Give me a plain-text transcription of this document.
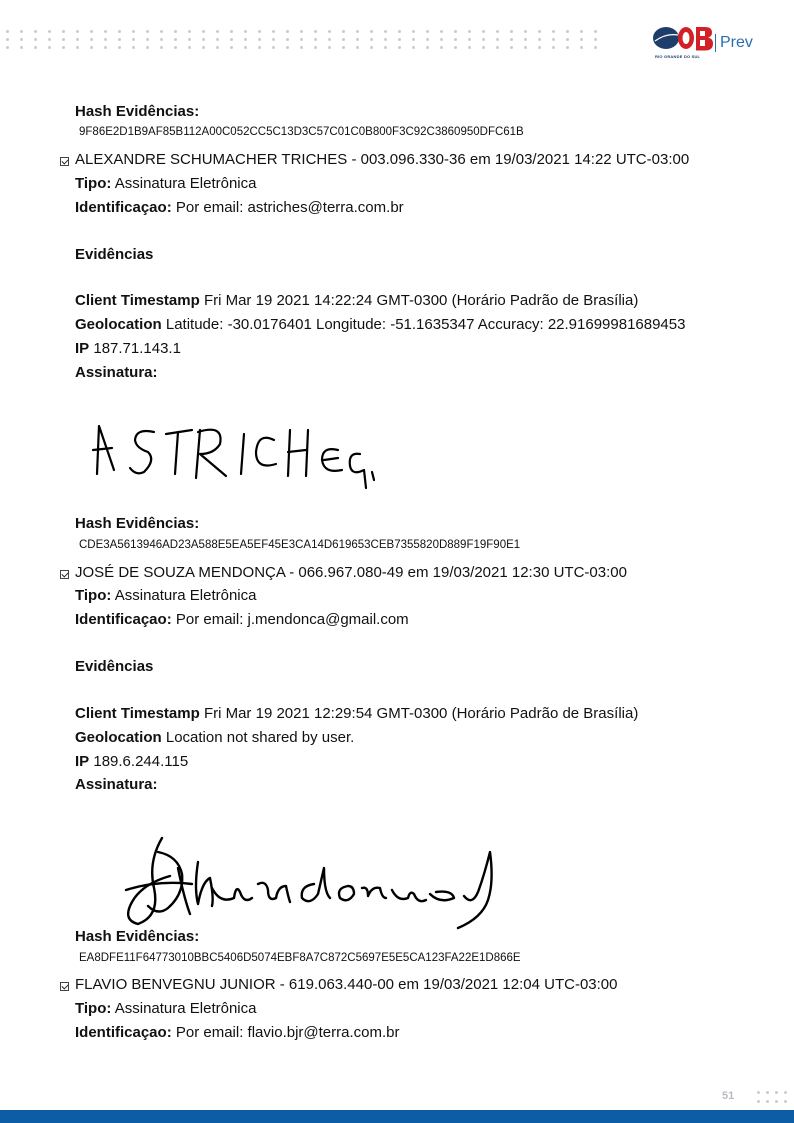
RIO GRANDE DO SUL
Prev
Hash Evidências:
9F86E2D1B9AF85B112A00C052CC5C13D3C57C01C0B800F3C92C3860950DFC61B
ALEXANDRE SCHUMACHER TRICHES - 003.096.330-36 em 19/03/2021 14:22 UTC-03:00
Tipo: Assinatura Eletrônica
Identificaçao: Por email: astriches@terra.com.br
Evidências
Client Timestamp Fri Mar 19 2021 14:22:24 GMT-0300 (Horário Padrão de Brasília)
Geolocation Latitude: -30.0176401 Longitude: -51.1635347 Accuracy: 22.91699981689453
IP 187.71.143.1
Assinatura:
Hash Evidências:
CDE3A5613946AD23A588E5EA5EF45E3CA14D619653CEB7355820D889F19F90E1
JOSÉ DE SOUZA MENDONÇA - 066.967.080-49 em 19/03/2021 12:30 UTC-03:00
Tipo: Assinatura Eletrônica
Identificaçao: Por email: j.mendonca@gmail.com
Evidências
Client Timestamp Fri Mar 19 2021 12:29:54 GMT-0300 (Horário Padrão de Brasília)
Geolocation Location not shared by user.
IP 189.6.244.115
Assinatura:
Hash Evidências:
EA8DFE11F64773010BBC5406D5074EBF8A7C872C5697E5E5CA123FA22E1D866E
FLAVIO BENVEGNU JUNIOR - 619.063.440-00 em 19/03/2021 12:04 UTC-03:00
Tipo: Assinatura Eletrônica
Identificaçao: Por email: flavio.bjr@terra.com.br
51
